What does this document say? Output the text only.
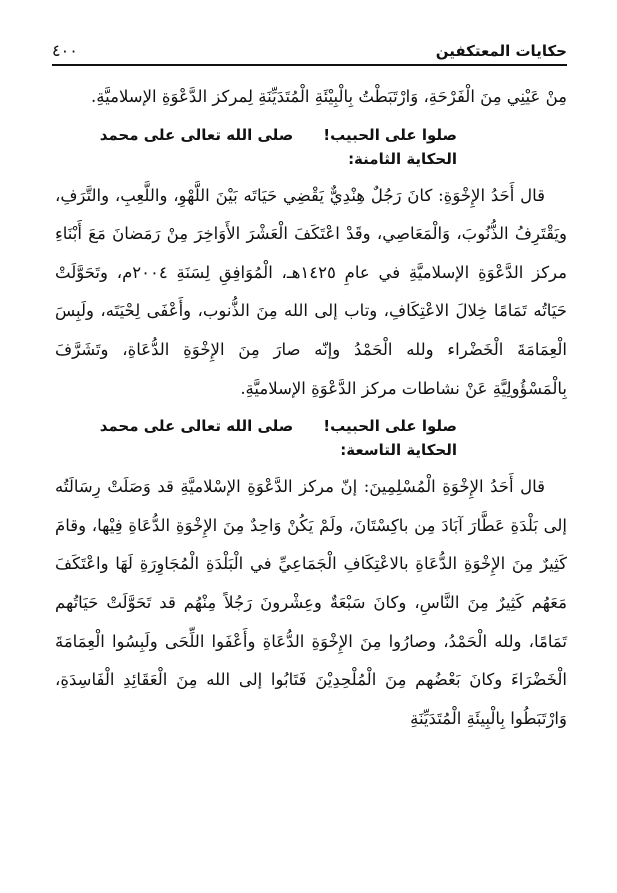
حكايات المعتكفين
٤٠٠

مِنْ عَيْنِي مِنَ الْفَرْحَةِ، وَارْتَبَطْتُ بِالْبِيْئَةِ الْمُتَدَيِّنَةِ لِمركز الدَّعْوَةِ الإسلاميَّةِ.

صلوا على الحبيب!
صلى الله تعالى على محمد
الحكاية الثامنة:

قال أَحَدُ الإِخْوَةِ: كانَ رَجُلٌ هِنْدِيٌّ يَقْضِي حَيَاتَه بَيْنَ اللَّهْوِ، واللَّعِبِ، والتَّرَفِ، ويَقْتَرِفُ الذُّنُوبَ، وَالْمَعَاصِي، وقَدْ اعْتَكَفَ الْعَشْرَ الأَوَاخِرَ مِنْ رَمَضانَ مَعَ أَبْنَاءِ مركز الدَّعْوَةِ الإسلاميَّةِ في عامِ ١٤٢٥هـ، الْمُوَافِقِ لِسَنَةِ ٢٠٠٤م، وتَحَوَّلَتْ حَيَاتُه تَمَامًا خِلالَ الاعْتِكَافِ، وتاب إلى الله مِنَ الذُّنوب، وأَعْفَى لِحْيَتَه، ولَبِسَ الْعِمَامَةَ الْخَضْراء ولله الْحَمْدُ وإنّه صارَ مِنَ الإِخْوَةِ الدُّعَاةِ، وتَشَرَّفَ بِالْمَسْؤُولِيَّةِ عَنْ نشاطات مركز الدَّعْوَةِ الإسلاميَّةِ.

صلوا على الحبيب!
صلى الله تعالى على محمد
الحكاية التاسعة:

قال أَحَدُ الإِخْوَةِ الْمُسْلِمِينَ: إنّ مركز الدَّعْوَةِ الإسْلاميَّةِ قد وَصَلَتْ رِسَالَتُه إلى بَلْدَةِ عَطَّارَ آبَادَ مِن باكِسْتَانَ، ولَمْ يَكُنْ وَاحِدٌ مِنَ الإِخْوَةِ الدُّعَاةِ فِيْها، وقامَ كَثِيرٌ مِنَ الإِخْوَةِ الدُّعَاةِ بالاعْتِكَافِ الْجَمَاعِيِّ في الْبَلْدَةِ الْمُجَاوِرَةِ لَهَا واعْتَكَفَ مَعَهُم كَثِيرٌ مِنَ النَّاسِ، وكانَ سَبْعَةٌ وعِشْرونَ رَجُلاً مِنْهُم قد تَحَوَّلَتْ حَيَاتُهم تَمَامًا، ولله الْحَمْدُ، وصارُوا مِنَ الإِخْوَةِ الدُّعَاةِ وأَعْفَوا اللِّحَى ولَبِسُوا الْعِمَامَةَ الْخَضْرَاءَ وكانَ بَعْضُهم مِنَ الْمُلْحِدِيْنَ فَتَابُوا إلى الله مِنَ الْعَقَائِدِ الْفَاسِدَةِ، وَارْتَبَطُوا بِالْبِيئَةِ الْمُتَدَيِّنَةِ
